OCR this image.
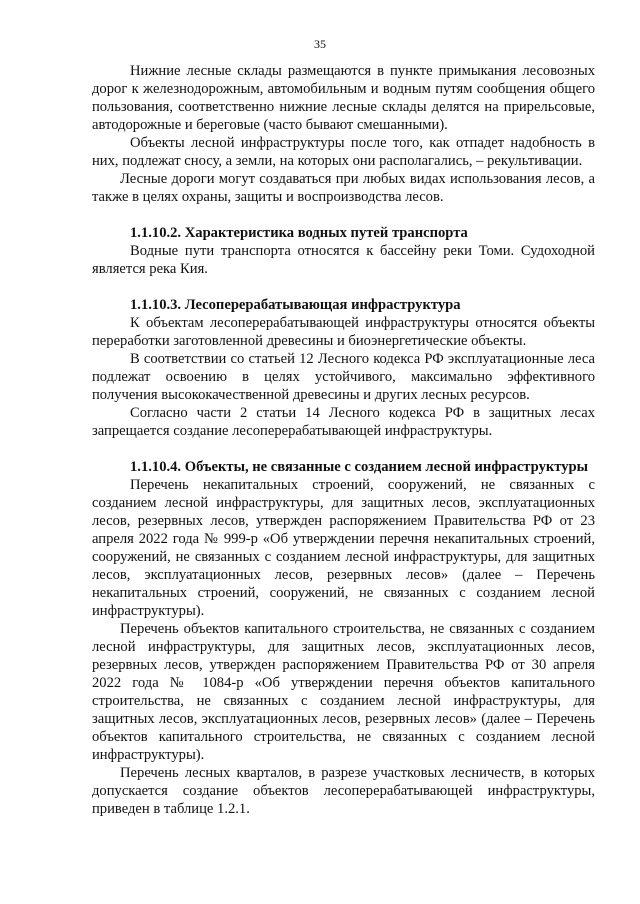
35

Нижние лесные склады размещаются в пункте примыкания лесовозных дорог к железнодорожным, автомобильным и водным путям сообщения общего пользования, соответственно нижние лесные склады делятся на прирельсовые, автодорожные и береговые (часто бывают смешанными).

Объекты лесной инфраструктуры после того, как отпадет надобность в них, подлежат сносу, а земли, на которых они располагались, – рекультивации.

Лесные дороги могут создаваться при любых видах использования лесов, а также в целях охраны, защиты и воспроизводства лесов.

1.1.10.2. Характеристика водных путей транспорта

Водные пути транспорта относятся к бассейну реки Томи. Судоходной является река Кия.

1.1.10.3. Лесоперерабатывающая инфраструктура

К объектам лесоперерабатывающей инфраструктуры относятся объекты переработки заготовленной древесины и биоэнергетические объекты.

В соответствии со статьей 12 Лесного кодекса РФ эксплуатационные леса подлежат освоению в целях устойчивого, максимально эффективного получения высококачественной древесины и других лесных ресурсов.

Согласно части 2 статьи 14 Лесного кодекса РФ в защитных лесах запрещается создание лесоперерабатывающей инфраструктуры.

1.1.10.4. Объекты, не связанные с созданием лесной инфраструктуры

Перечень некапитальных строений, сооружений, не связанных с созданием лесной инфраструктуры, для защитных лесов, эксплуатационных лесов, резервных лесов, утвержден распоряжением Правительства РФ от 23 апреля 2022 года № 999-р «Об утверждении перечня некапитальных строений, сооружений, не связанных с созданием лесной инфраструктуры, для защитных лесов, эксплуатационных лесов, резервных лесов» (далее – Перечень некапитальных строений, сооружений, не связанных с созданием лесной инфраструктуры).

Перечень объектов капитального строительства, не связанных с созданием лесной инфраструктуры, для защитных лесов, эксплуатационных лесов, резервных лесов, утвержден распоряжением Правительства РФ от 30 апреля 2022 года № 1084-р «Об утверждении перечня объектов капитального строительства, не связанных с созданием лесной инфраструктуры, для защитных лесов, эксплуатационных лесов, резервных лесов» (далее – Перечень объектов капитального строительства, не связанных с созданием лесной инфраструктуры).

Перечень лесных кварталов, в разрезе участковых лесничеств, в которых допускается создание объектов лесоперерабатывающей инфраструктуры, приведен в таблице 1.2.1.
